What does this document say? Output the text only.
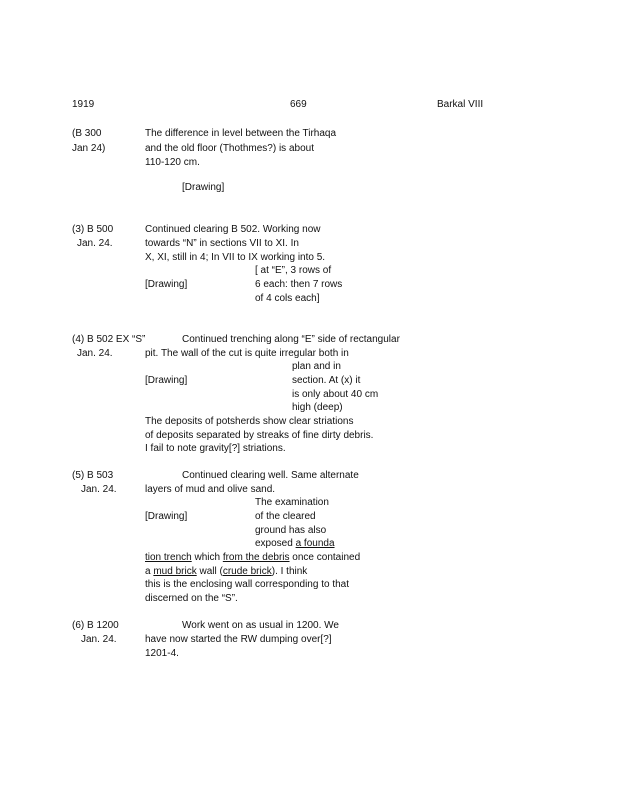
1919	669	Barkal VIII
(B 300
Jan 24)
The difference in level between the Tirhaqa
and the old floor (Thothmes?) is about
110-120 cm.
[Drawing]
(3) B 500
Jan. 24.
Continued clearing B 502. Working now
towards “N” in sections VII to XI. In
X, XI, still in 4; In VII to IX working into 5.
[ at “E”, 3 rows of
[Drawing]	6 each: then 7 rows
of 4 cols each]
(4) B 502 EX “S”
Jan. 24.
Continued trenching along “E” side of rectangular
pit. The wall of the cut is quite irregular both in
plan and in
[Drawing]	section. At (x) it
is only about 40 cm
high (deep)
The deposits of potsherds show clear striations
of deposits separated by streaks of fine dirty debris.
I fail to note gravity[?] striations.
(5) B 503
Jan. 24.
Continued clearing well. Same alternate
layers of mud and olive sand.
The examination
[Drawing]	of the cleared
ground has also
exposed a founda
tion trench which from the debris once contained
a mud brick wall (crude brick). I think
this is the enclosing wall corresponding to that
discerned on the “S”.
(6) B 1200
Jan. 24.
Work went on as usual in 1200. We
have now started the RW dumping over[?]
1201-4.
